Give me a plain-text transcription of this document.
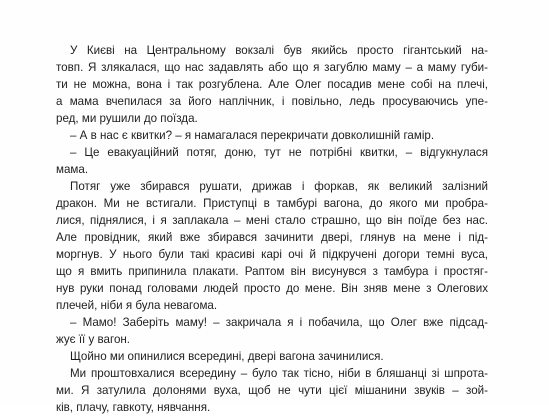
У Києві на Центральному вокзалі був якийсь просто гігантський на-
товп. Я злякалася, що нас задавлять або що я загублю маму – а маму губи-
ти не можна, вона і так розгублена. Але Олег посадив мене собі на плечі,
а мама вчепилася за його наплічник, і повільно, ледь просуваючись упе-
ред, ми рушили до поїзда.
– А в нас є квитки? – я намагалася перекричати довколишній гамір.
– Це евакуаційний потяг, доню, тут не потрібні квитки, – відгукнулася
мама.
Потяг уже збирався рушати, дрижав і форкав, як великий залізний
дракон. Ми не встигали. Приступці в тамбурі вагона, до якого ми пробра-
лися, піднялися, і я заплакала – мені стало страшно, що він поїде без нас.
Але провідник, який вже збирався зачинити двері, глянув на мене і під-
моргнув. У нього були такі красиві карі очі й підкручені догори темні вуса,
що я вмить припинила плакати. Раптом він висунувся з тамбура і простяг-
нув руки понад головами людей просто до мене. Він зняв мене з Олегових
плечей, ніби я була невагома.
– Мамо! Заберіть маму! – закричала я і побачила, що Олег вже підсад-
жує її у вагон.
Щойно ми опинилися всередині, двері вагона зачинилися.
Ми проштовхалися всередину – було так тісно, ніби в бляшанці зі шпрота-
ми. Я затулила долонями вуха, щоб не чути цієї мішанини звуків – зой-
ків, плачу, гавкоту, нявчання.
